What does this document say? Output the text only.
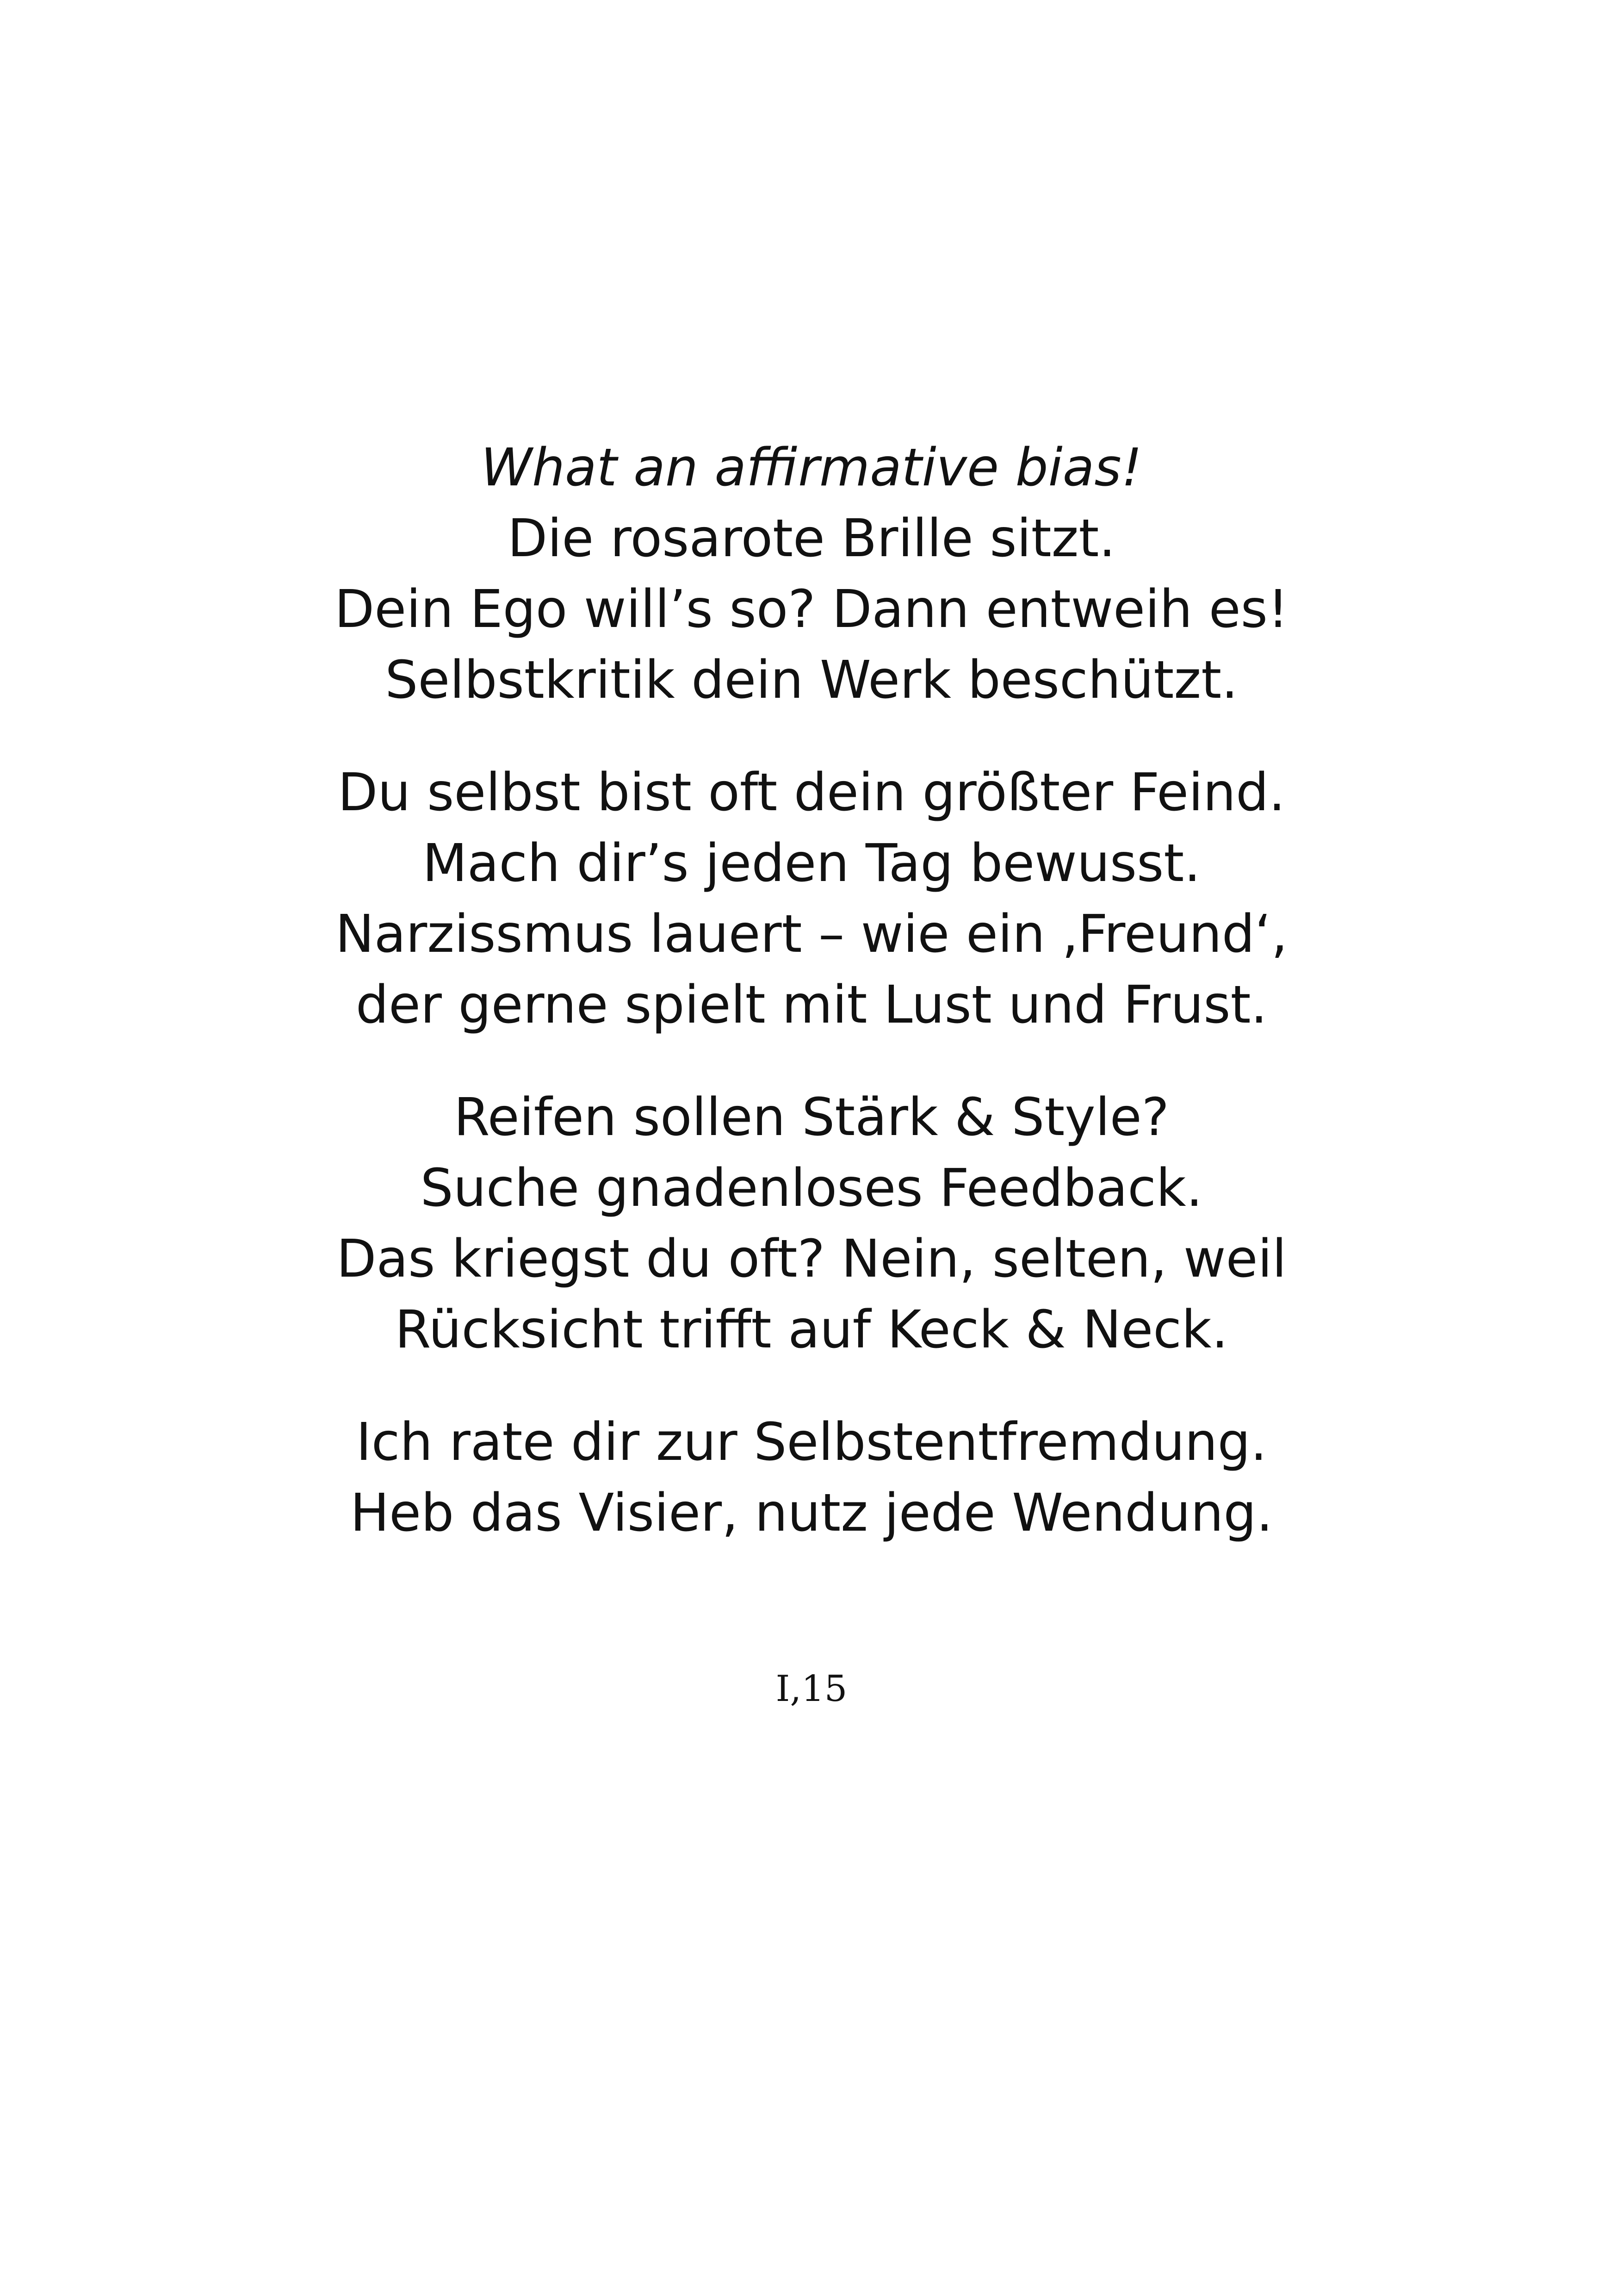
What an affirmative bias!
Die rosarote Brille sitzt.
Dein Ego will’s so? Dann entweih es!
Selbstkritik dein Werk beschützt.
Du selbst bist oft dein größter Feind.
Mach dir’s jeden Tag bewusst.
Narzissmus lauert – wie ein ‚Freund‘,
der gerne spielt mit Lust und Frust.
Reifen sollen Stärk & Style?
Suche gnadenloses Feedback.
Das kriegst du oft? Nein, selten, weil
Rücksicht trifft auf Keck & Neck.
Ich rate dir zur Selbstentfremdung.
Heb das Visier, nutz jede Wendung.
I,15
